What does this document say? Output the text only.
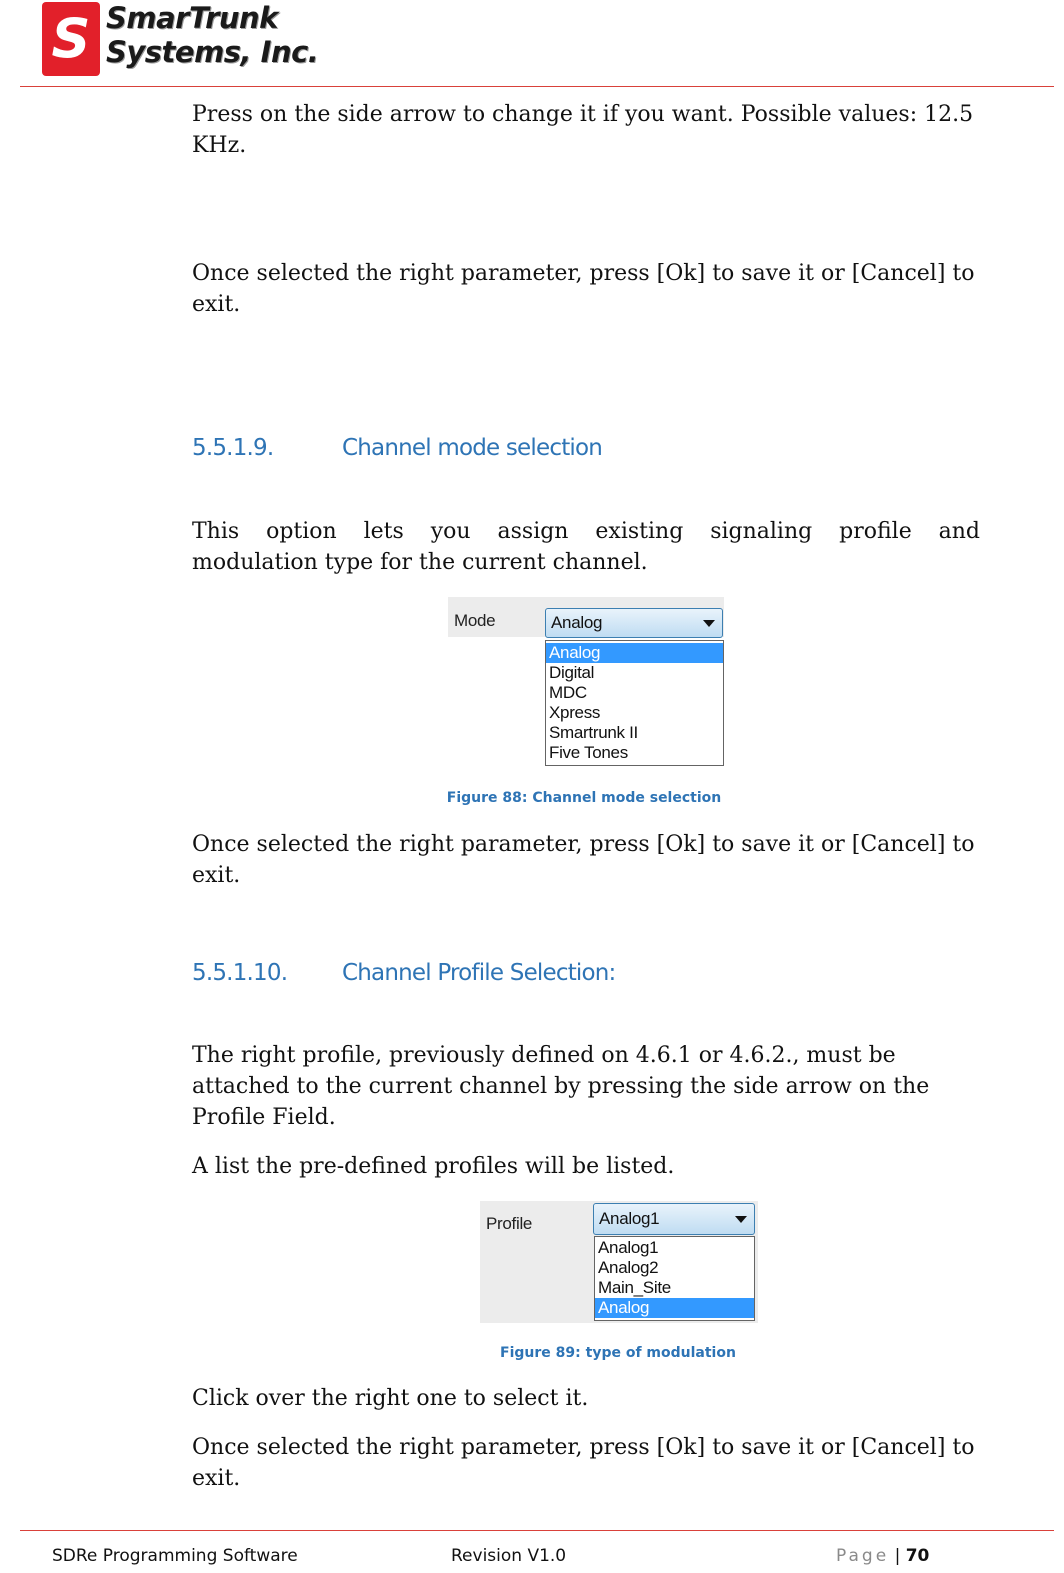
S SmarTrunk
Systems, Inc.
Press on the side arrow to change it if you want. Possible values: 12.5 KHz.
Once selected the right parameter, press [Ok] to save it or [Cancel] to exit.
5.5.1.9.	Channel mode selection
This option lets you assign existing signaling profile and
modulation type for the current channel.
Mode	Analog
Analog
Digital
MDC
Xpress
Smartrunk II
Five Tones
Figure 88: Channel mode selection
Once selected the right parameter, press [Ok] to save it or [Cancel] to exit.
5.5.1.10. Channel Profile Selection:
The right profile, previously defined on 4.6.1 or 4.6.2., must be attached to the current channel by pressing the side arrow on the Profile Field.
A list the pre-defined profiles will be listed.
Profile	Analog1
Analog1
Analog2
Main_Site
Analog
Figure 89: type of modulation
Click over the right one to select it.
Once selected the right parameter, press [Ok] to save it or [Cancel] to exit.
SDRe Programming Software	Revision V1.0	Page | 70
